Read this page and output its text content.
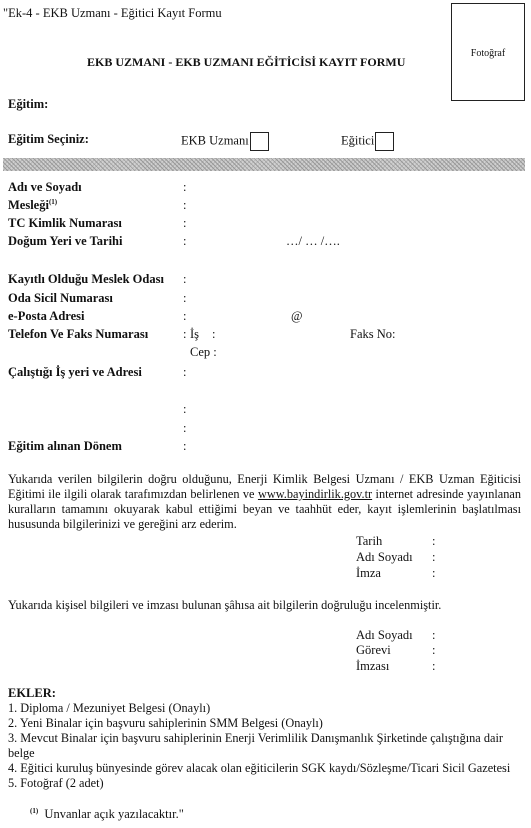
"Ek-4 - EKB Uzmanı - Eğitici Kayıt Formu
Fotoğraf
EKB UZMANI - EKB UZMANI EĞİTİCİSİ KAYIT FORMU
Eğitim:
Eğitim Seçiniz:	EKB Uzmanı	Eğitici
Adı ve Soyadı	:
Mesleği$^{(1)}$	:
TC Kimlik Numarası	:
Doğum Yeri ve Tarihi	:	…/ … /….
Kayıtlı Olduğu Meslek Odası :
Oda Sicil Numarası	:
e-Posta Adresi	:	@
Telefon Ve Faks Numarası	: İş :	Faks No:
Cep :
Çalıştığı İş yeri ve Adresi	:
:
:
Eğitim alınan Dönem	:
Yukarıda verilen bilgilerin doğru olduğunu, Enerji Kimlik Belgesi Uzmanı / EKB Uzman Eğiticisi Eğitimi ile ilgili olarak tarafımızdan belirlenen ve www.bayindirlik.gov.tr internet adresinde yayınlanan kuralların tamamını okuyarak kabul ettiğimi beyan ve taahhüt eder, kayıt işlemlerinin başlatılması hususunda bilgilerinizi ve gereğini arz ederim.
Tarih	:
Adı Soyadı :
İmza	:
Yukarıda kişisel bilgileri ve imzası bulunan şâhısa ait bilgilerin doğruluğu incelenmiştir.
Adı Soyadı :
Görevi	:
İmzası	:
EKLER:
1. Diploma / Mezuniyet Belgesi (Onaylı)
2. Yeni Binalar için başvuru sahiplerinin SMM Belgesi (Onaylı)
3. Mevcut Binalar için başvuru sahiplerinin Enerji Verimlilik Danışmanlık Şirketinde çalıştığına dair belge
4. Eğitici kuruluş bünyesinde görev alacak olan eğiticilerin SGK kaydı/Sözleşme/Ticari Sicil Gazetesi
5. Fotoğraf (2 adet)
$^{(1)}$ Unvanlar açık yazılacaktır."
